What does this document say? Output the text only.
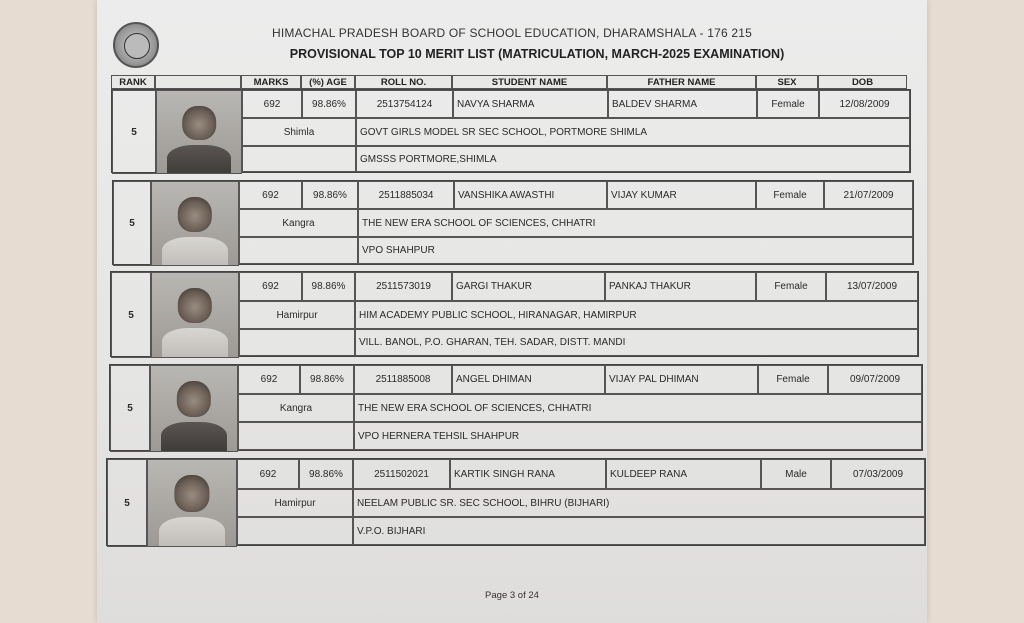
HIMACHAL PRADESH BOARD OF SCHOOL EDUCATION, DHARAMSHALA - 176 215
PROVISIONAL TOP 10 MERIT LIST (MATRICULATION, MARCH-2025 EXAMINATION)
RANK	MARKS	(%) AGE	ROLL NO.	STUDENT NAME	FATHER NAME	SEX	DOB
5
692	98.86%	2513754124	NAVYA SHARMA	BALDEV SHARMA	Female	12/08/2009
Shimla	GOVT GIRLS MODEL SR SEC SCHOOL, PORTMORE SHIMLA
GMSSS PORTMORE,SHIMLA
5
692	98.86%	2511885034	VANSHIKA AWASTHI	VIJAY KUMAR	Female	21/07/2009
Kangra	THE NEW ERA SCHOOL OF SCIENCES, CHHATRI
VPO SHAHPUR
5
692	98.86%	2511573019	GARGI THAKUR	PANKAJ THAKUR	Female	13/07/2009
Hamirpur	HIM ACADEMY PUBLIC SCHOOL, HIRANAGAR, HAMIRPUR
VILL. BANOL, P.O. GHARAN, TEH. SADAR, DISTT. MANDI
5
692	98.86%	2511885008	ANGEL DHIMAN	VIJAY PAL DHIMAN	Female	09/07/2009
Kangra	THE NEW ERA SCHOOL OF SCIENCES, CHHATRI
VPO HERNERA TEHSIL SHAHPUR
5
692	98.86%	2511502021	KARTIK SINGH RANA	KULDEEP RANA	Male	07/03/2009
Hamirpur	NEELAM PUBLIC SR. SEC SCHOOL, BIHRU (BIJHARI)
V.P.O. BIJHARI
Page 3 of 24
